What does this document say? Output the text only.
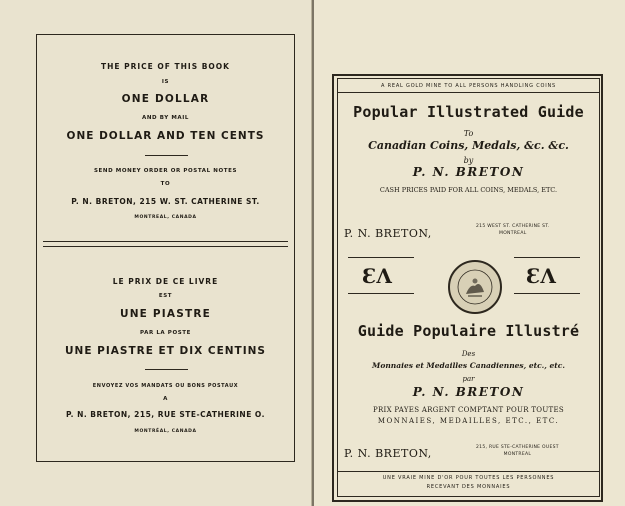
THE PRICE OF THIS BOOK
IS
ONE DOLLAR
AND BY MAIL
ONE DOLLAR AND TEN CENTS
SEND MONEY ORDER OR POSTAL NOTES
TO
P. N. BRETON, 215 W. ST. CATHERINE ST.
MONTREAL, CANADA
LE PRIX DE CE LIVRE
EST
UNE PIASTRE
PAR LA POSTE
UNE PIASTRE ET DIX CENTINS
ENVOYEZ VOS MANDATS OU BONS POSTAUX
A
P. N. BRETON, 215, RUE STE-CATHERINE O.
MONTRÉAL, CANADA
A REAL GOLD MINE TO ALL PERSONS HANDLING COINS
Popular Illustrated Guide
To
Canadian Coins, Medals, &c. &c.
by
P. N. BRETON
CASH PRICES PAID FOR ALL COINS, MEDALS, ETC.
P. N. BRETON,
215 WEST ST. CATHERINE ST.
MONTREAL
ƐɅ	ƐɅ
Guide Populaire Illustré
Des
Monnaies et Medailles Canadiennes, etc., etc.
par
P. N. BRETON
PRIX PAYES ARGENT COMPTANT POUR TOUTES
MONNAIES, MEDAILLES, ETC., ETC.
P. N. BRETON,	215, RUE STE-CATHERINE OUEST
MONTREAL
UNE VRAIE MINE D'OR POUR TOUTES LES PERSONNES
RECEVANT DES MONNAIES
